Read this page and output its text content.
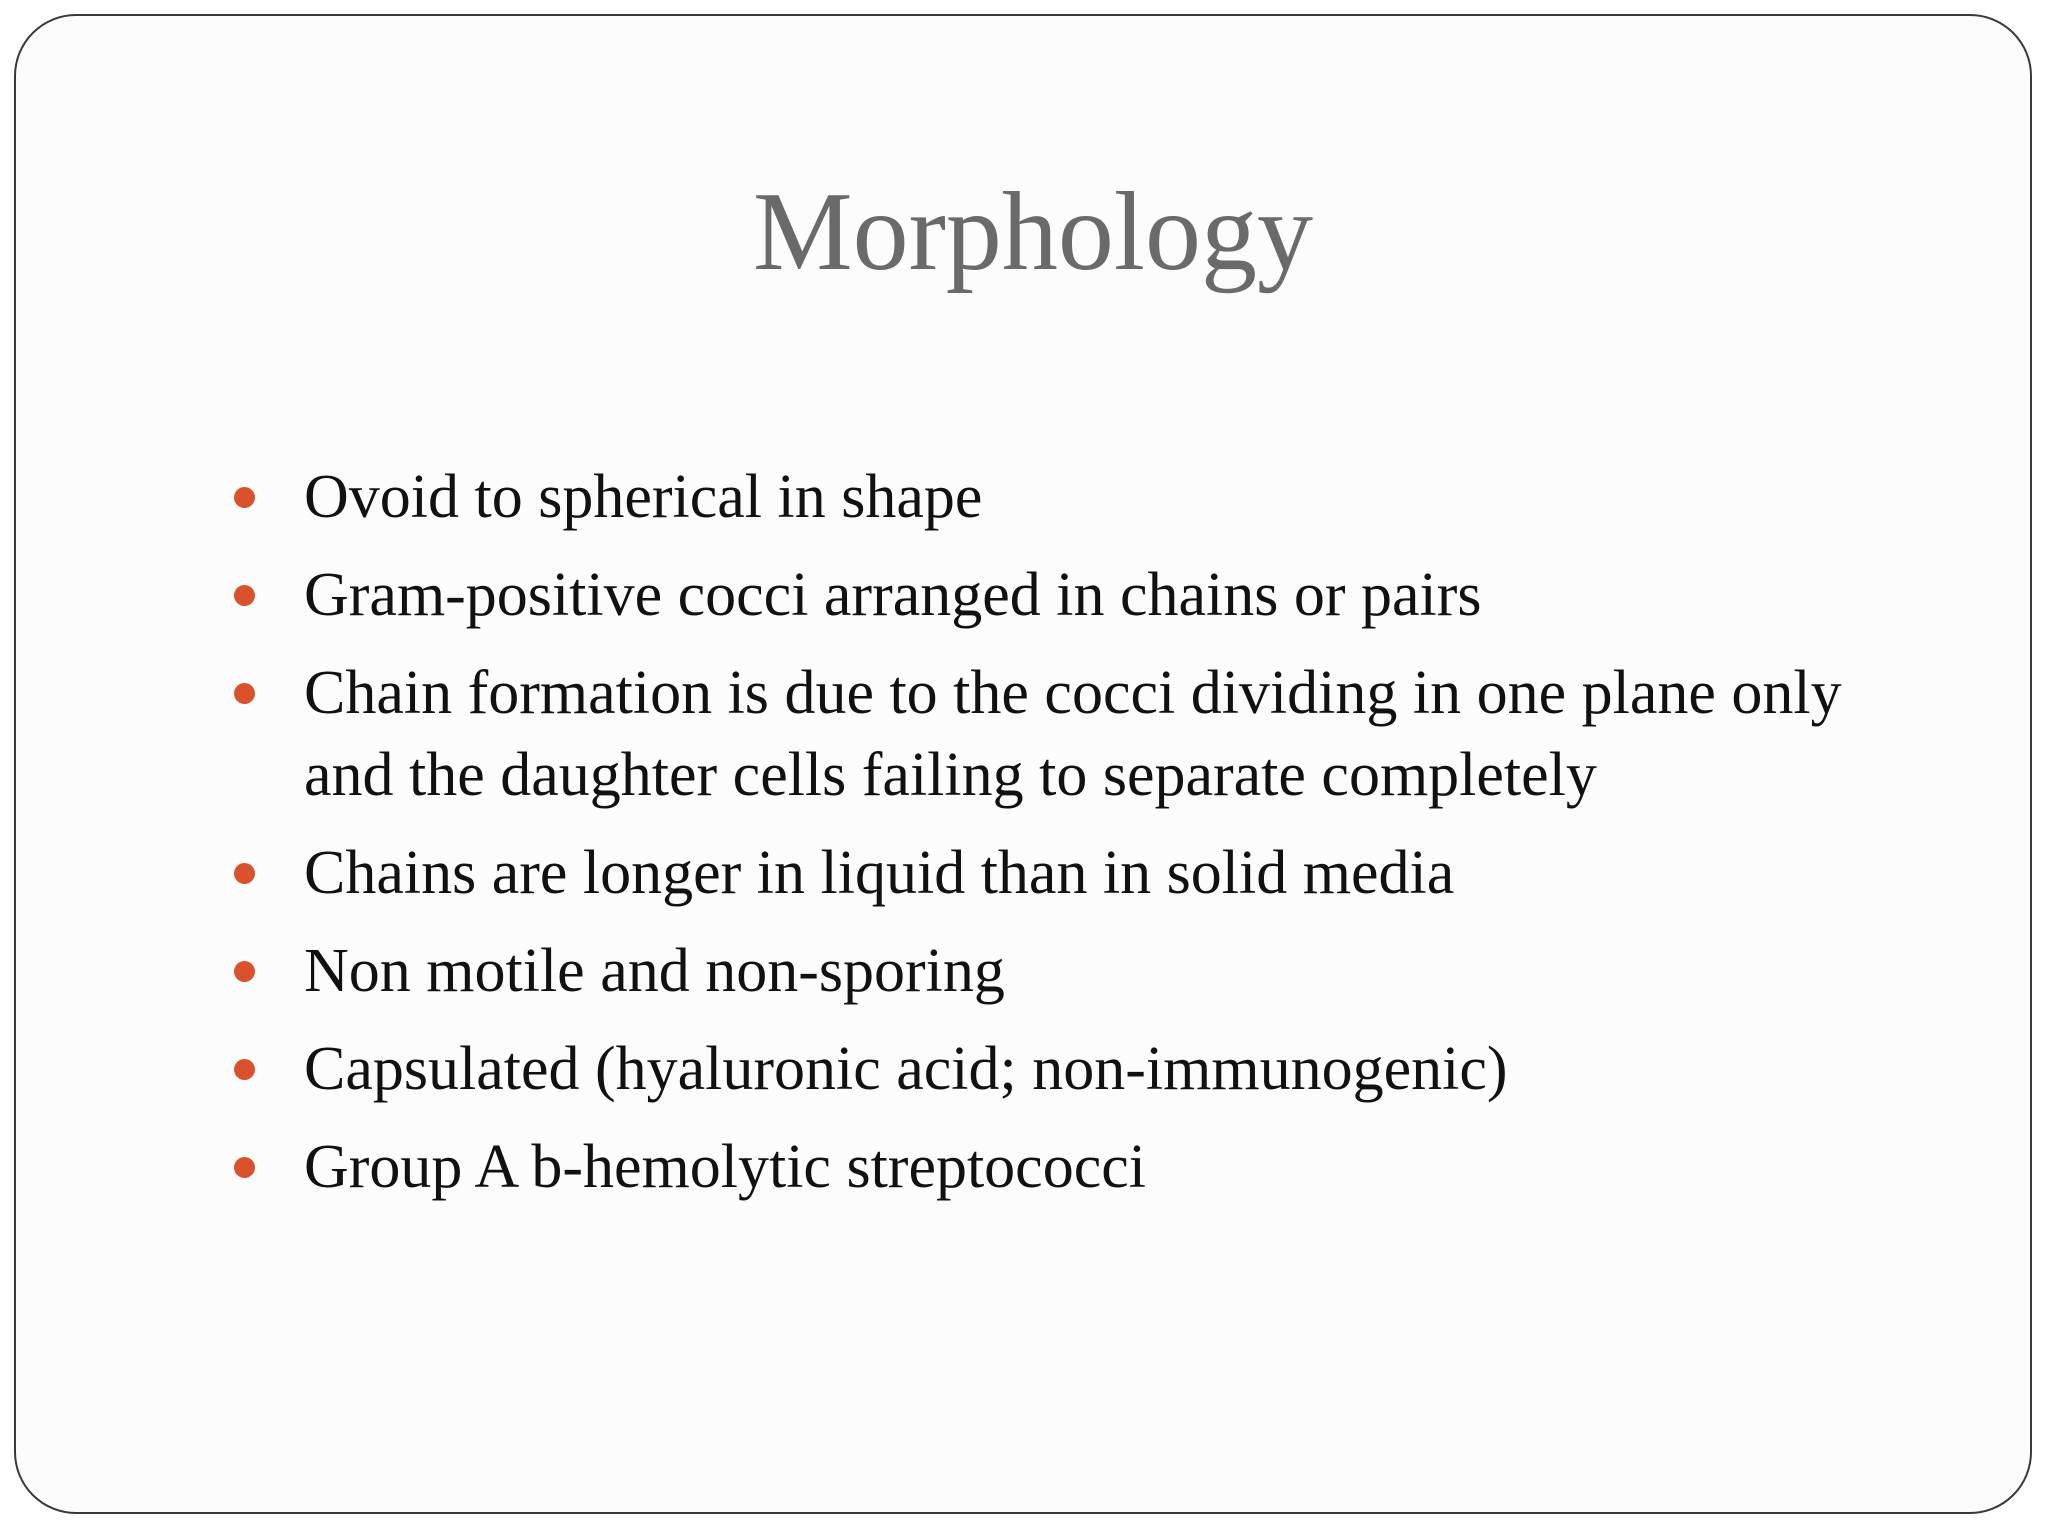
Morphology
Ovoid to spherical in shape
Gram-positive cocci arranged in chains or pairs
Chain formation is due to the cocci dividing in one plane only and the daughter cells failing to separate completely
Chains are longer in liquid than in solid media
Non motile and non-sporing
Capsulated (hyaluronic acid; non-immunogenic)
Group A b-hemolytic streptococci
